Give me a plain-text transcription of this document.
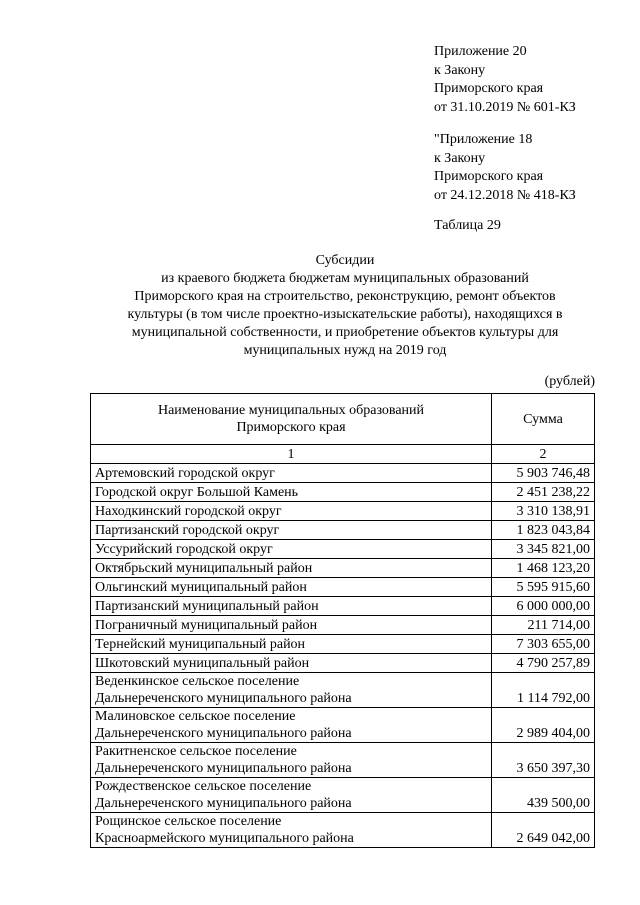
Приложение 20
к Закону
Приморского края
от 31.10.2019 № 601-КЗ
"Приложение 18
к Закону
Приморского края
от 24.12.2018 № 418-КЗ
Таблица 29
Субсидии
из краевого бюджета бюджетам муниципальных образований
Приморского края на строительство, реконструкцию, ремонт объектов
культуры (в том числе проектно-изыскательские работы), находящихся в
муниципальной собственности, и приобретение объектов культуры для
муниципальных нужд на 2019 год
(рублей)
Наименование муниципальных образований
Приморского края	Сумма
1	2

Артемовский городской округ	5 903 746,48

Городской округ Большой Камень	2 451 238,22

Находкинский городской округ	3 310 138,91

Партизанский городской округ	1 823 043,84

Уссурийский городской округ	3 345 821,00

Октябрьский муниципальный район	1 468 123,20

Ольгинский муниципальный район	5 595 915,60

Партизанский муниципальный район	6 000 000,00

Пограничный муниципальный район	211 714,00

Тернейский муниципальный район	7 303 655,00

Шкотовский муниципальный район	4 790 257,89

Веденкинское сельское поселение
Дальнереченского муниципального района	1 114 792,00

Малиновское сельское поселение
Дальнереченского муниципального района	2 989 404,00

Ракитненское сельское поселение
Дальнереченского муниципального района	3 650 397,30

Рождественское сельское поселение
Дальнереченского муниципального района	439 500,00

Рощинское сельское поселение
Красноармейского муниципального района	2 649 042,00
